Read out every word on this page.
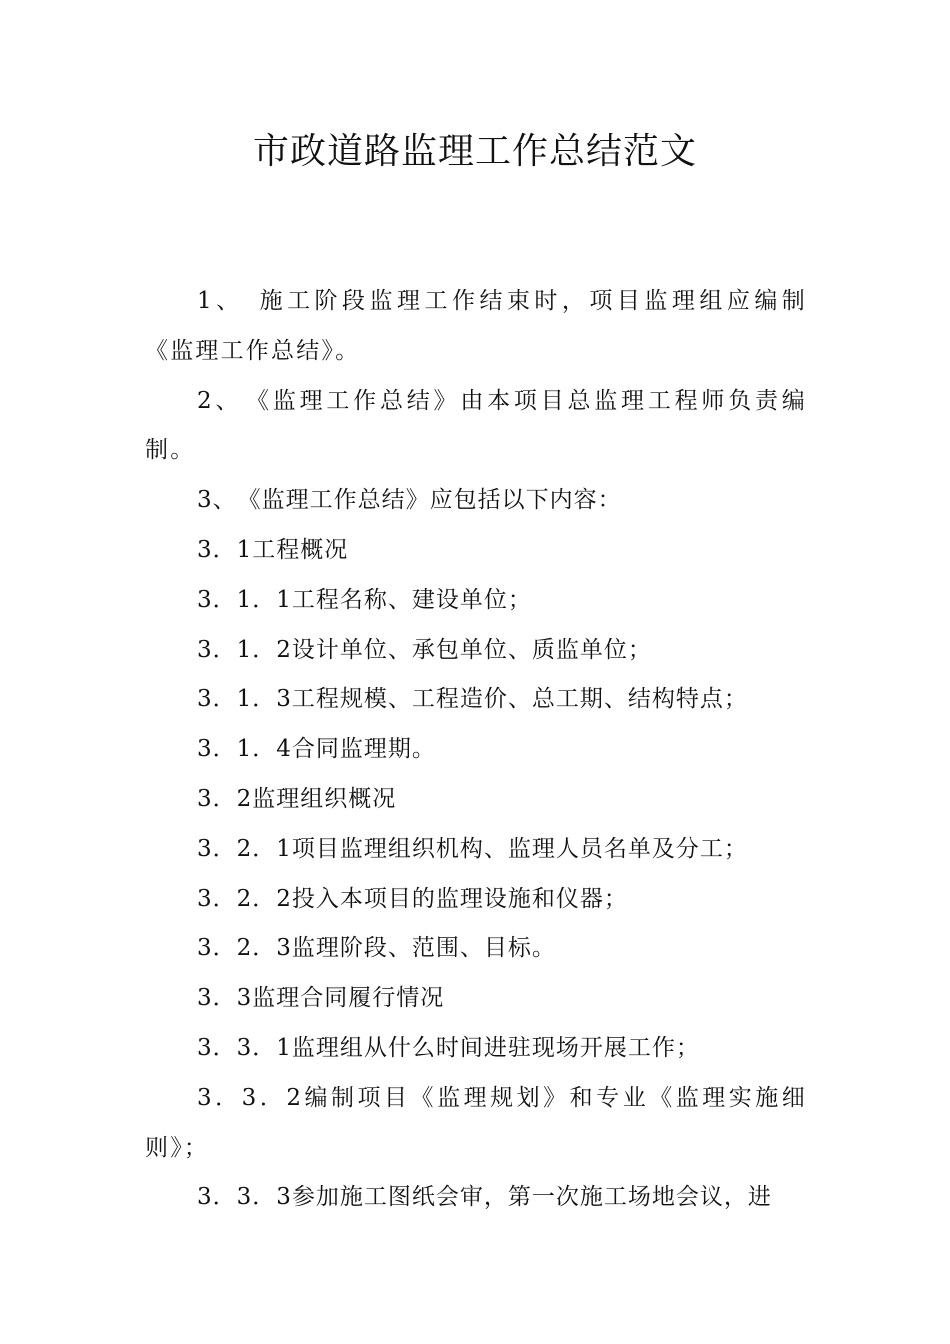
市政道路监理工作总结范文

1、　施工阶段监理工作结束时，项目监理组应编制《监理工作总结》。

2、　《监理工作总结》由本项目总监理工程师负责编制。

3、　《监理工作总结》应包括以下内容：

3．1工程概况

3．1．1工程名称、建设单位；

3．1．2设计单位、承包单位、质监单位；

3．1．3工程规模、工程造价、总工期、结构特点；

3．1．4合同监理期。

3．2监理组织概况

3．2．1项目监理组织机构、监理人员名单及分工；

3．2．2投入本项目的监理设施和仪器；

3．2．3监理阶段、范围、目标。

3．3监理合同履行情况

3．3．1监理组从什么时间进驻现场开展工作；

3．3．2编制项目《监理规划》和专业《监理实施细则》；

3．3．3参加施工图纸会审，第一次施工场地会议，进
